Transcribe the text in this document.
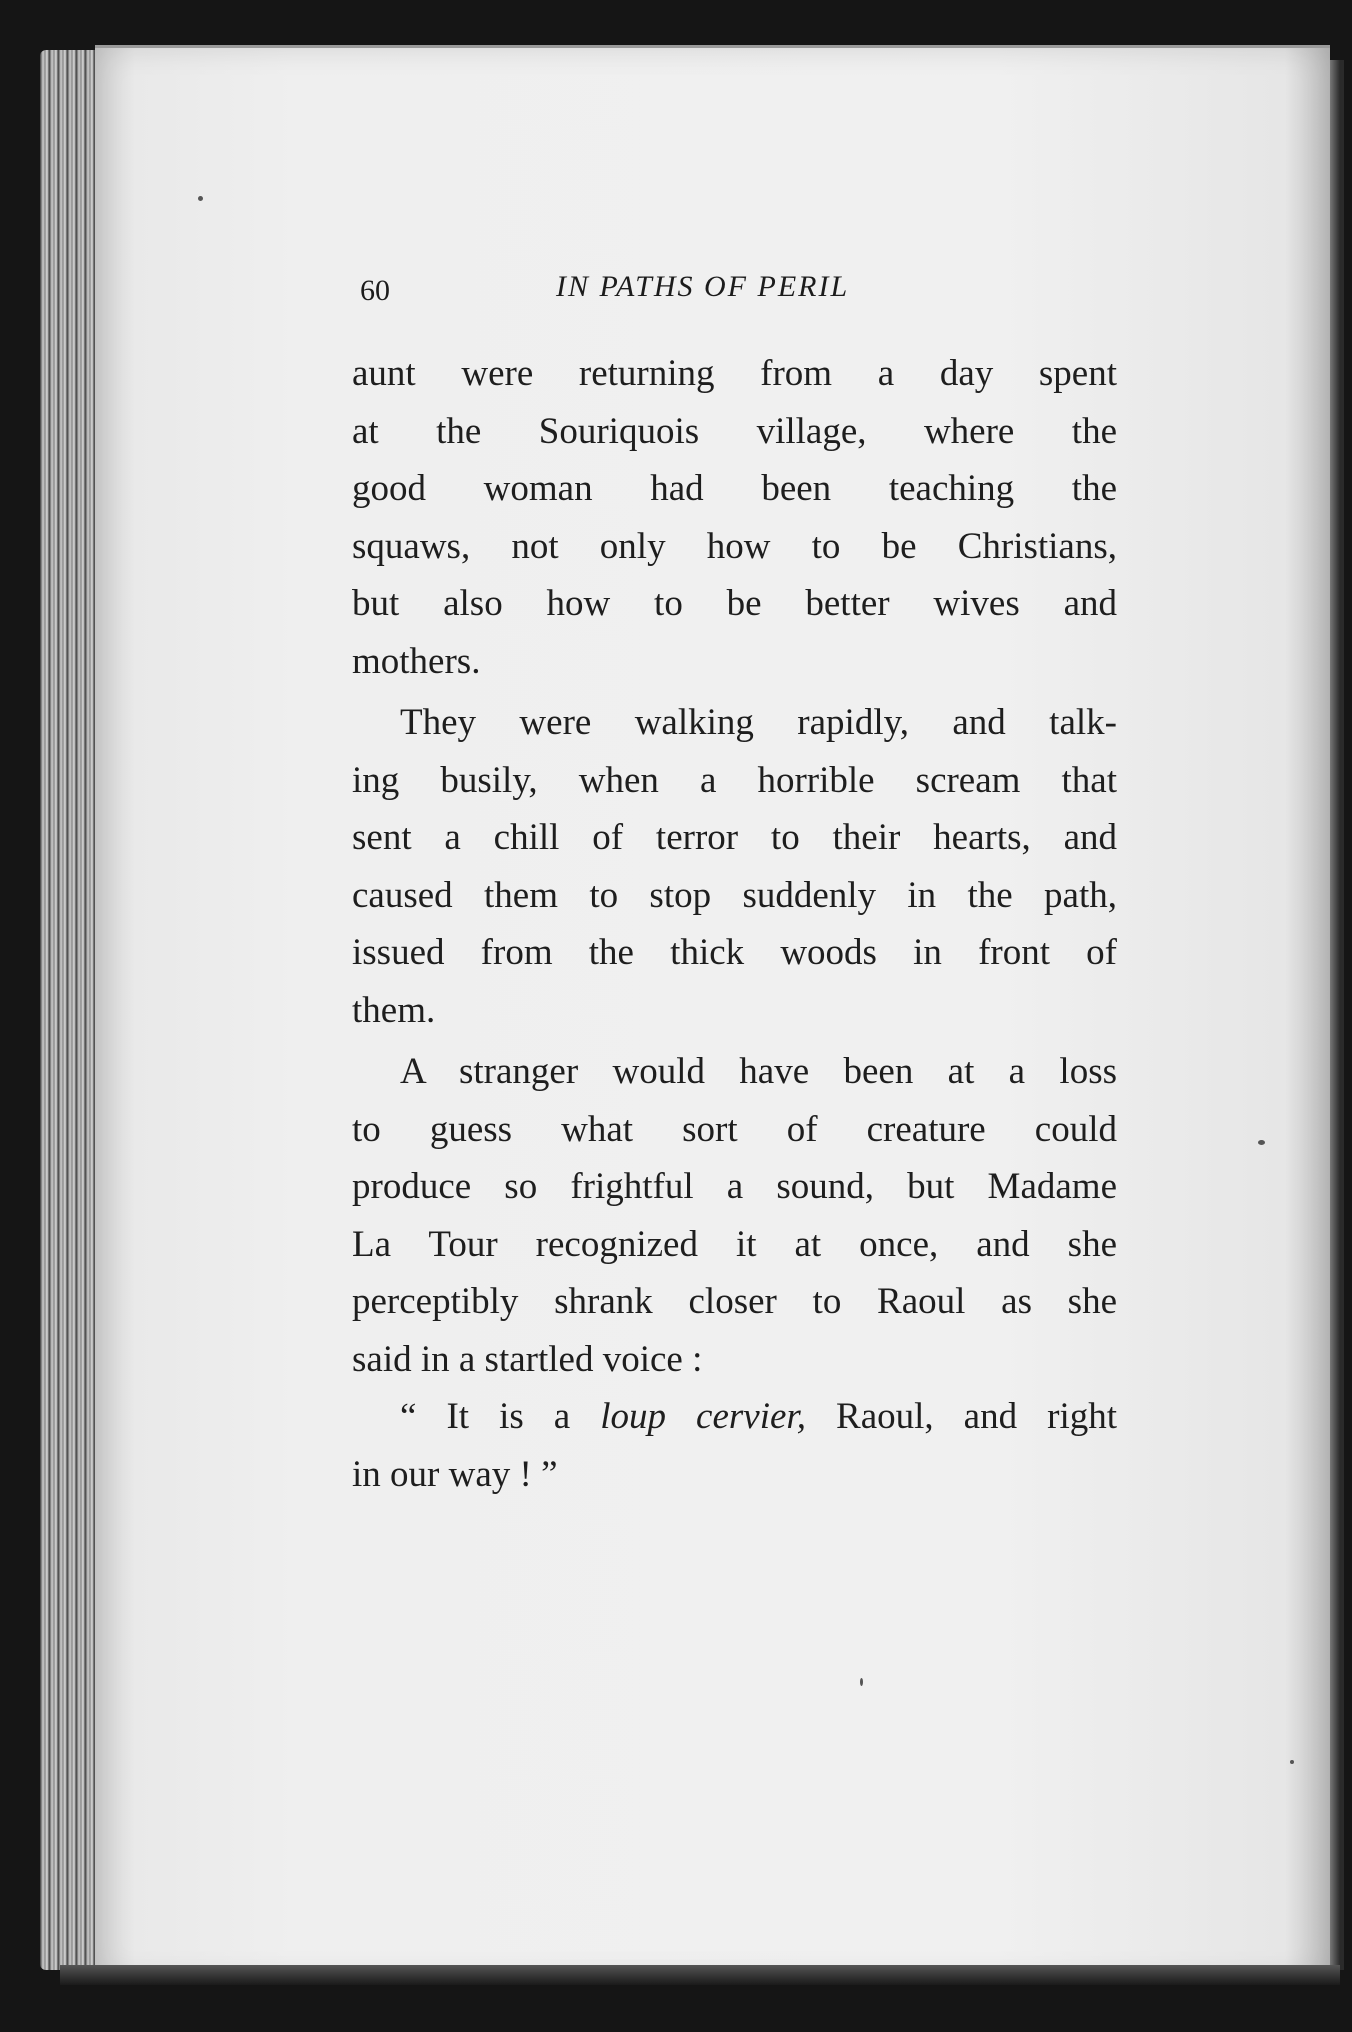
60	IN PATHS OF PERIL
aunt were returning from a day spent
at the Souriquois village, where the
good woman had been teaching the
squaws, not only how to be Christians,
but also how to be better wives and
mothers.
They were walking rapidly, and talk-
ing busily, when a horrible scream that
sent a chill of terror to their hearts, and
caused them to stop suddenly in the path,
issued from the thick woods in front of
them.
A stranger would have been at a loss
to guess what sort of creature could
produce so frightful a sound, but Madame
La Tour recognized it at once, and she
perceptibly shrank closer to Raoul as she
said in a startled voice :
“ It is a loup cervier, Raoul, and right
in our way ! ”
